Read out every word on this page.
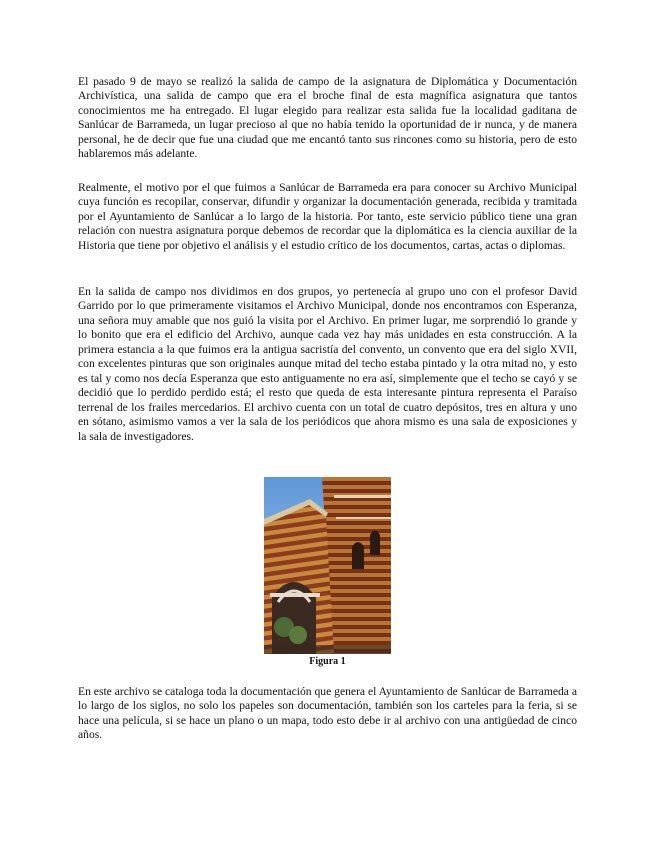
El pasado 9 de mayo se realizó la salida de campo de la asignatura de Diplomática y Documentación Archivística, una salida de campo que era el broche final de esta magnífica asignatura que tantos conocimientos me ha entregado. El lugar elegido para realizar esta salida fue la localidad gaditana de Sanlúcar de Barrameda, un lugar precioso al que no había tenido la oportunidad de ir nunca, y de manera personal, he de decir que fue una ciudad que me encantó tanto sus rincones como su historia, pero de esto hablaremos más adelante.

Realmente, el motivo por el que fuimos a Sanlúcar de Barrameda era para conocer su Archivo Municipal cuya función es recopilar, conservar, difundir y organizar la documentación generada, recibida y tramitada por el Ayuntamiento de Sanlúcar a lo largo de la historia. Por tanto, este servicio público tiene una gran relación con nuestra asignatura porque debemos de recordar que la diplomática es la ciencia auxiliar de la Historia que tiene por objetivo el análisis y el estudio crítico de los documentos, cartas, actas o diplomas.

En la salida de campo nos dividimos en dos grupos, yo pertenecía al grupo uno con el profesor David Garrido por lo que primeramente visitamos el Archivo Municipal, donde nos encontramos con Esperanza, una señora muy amable que nos guió la visita por el Archivo. En primer lugar, me sorprendió lo grande y lo bonito que era el edificio del Archivo, aunque cada vez hay más unidades en esta construcción. A la primera estancia a la que fuimos era la antigua sacristía del convento, un convento que era del siglo XVII, con excelentes pinturas que son originales aunque mitad del techo estaba pintado y la otra mitad no, y esto es tal y como nos decía Esperanza que esto antiguamente no era así, simplemente que el techo se cayó y se decidió que lo perdido perdido está; el resto que queda de esta interesante pintura representa el Paraíso terrenal de los frailes mercedarios. El archivo cuenta con un total de cuatro depósitos, tres en altura y uno en sótano, asimismo vamos a ver la sala de los periódicos que ahora mismo es una sala de exposiciones y la sala de investigadores.

Figura 1

En este archivo se cataloga toda la documentación que genera el Ayuntamiento de Sanlúcar de Barrameda a lo largo de los siglos, no solo los papeles son documentación, también son los carteles para la feria, si se hace una película, si se hace un plano o un mapa, todo esto debe ir al archivo con una antigüedad de cinco años.
